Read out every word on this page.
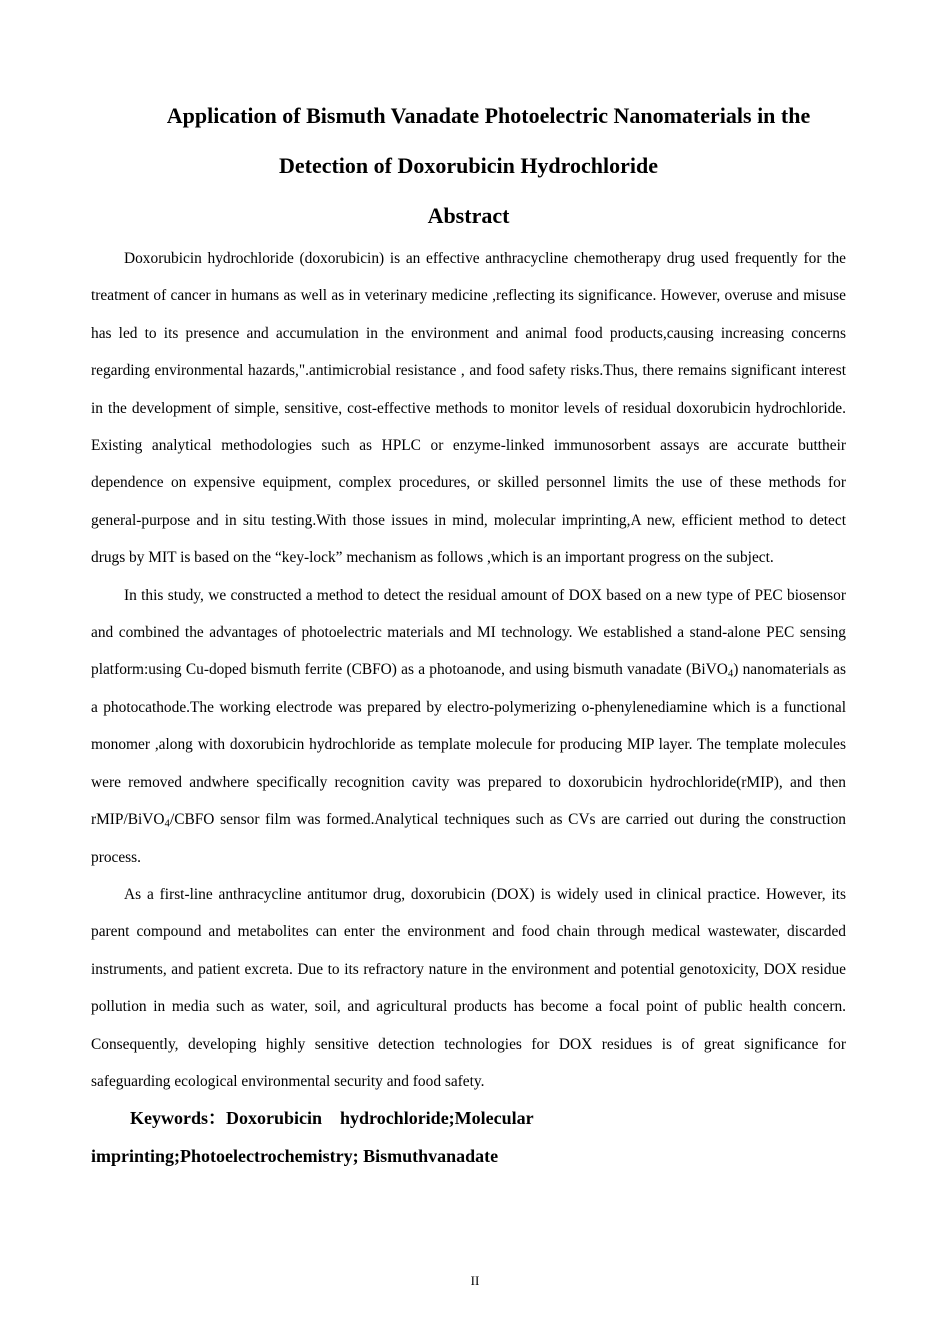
Application of Bismuth Vanadate Photoelectric Nanomaterials in the
Detection of Doxorubicin Hydrochloride
Abstract

Doxorubicin hydrochloride (doxorubicin) is an effective anthracycline chemotherapy drug used frequently for the treatment of cancer in humans as well as in veterinary medicine ,reflecting its significance. However, overuse and misuse has led to its presence and accumulation in the environment and animal food products,causing increasing concerns regarding environmental hazards,".antimicrobial resistance , and food safety risks.Thus, there remains significant interest in the development of simple, sensitive, cost-effective methods to monitor levels of residual doxorubicin hydrochloride. Existing analytical methodologies such as HPLC or enzyme-linked immunosorbent assays are accurate buttheir dependence on expensive equipment, complex procedures, or skilled personnel limits the use of these methods for general-purpose and in situ testing.With those issues in mind, molecular imprinting,A new, efficient method to detect drugs by MIT is based on the “key-lock” mechanism as follows ,which is an important progress on the subject.

In this study, we constructed a method to detect the residual amount of DOX based on a new type of PEC biosensor and combined the advantages of photoelectric materials and MI technology. We established a stand-alone PEC sensing platform:using Cu-doped bismuth ferrite (CBFO) as a photoanode, and using bismuth vanadate (BiVO$_4$) nanomaterials as a photocathode.The working electrode was prepared by electro-polymerizing o-phenylenediamine which is a functional monomer ,along with doxorubicin hydrochloride as template molecule for producing MIP layer. The template molecules were removed andwhere specifically recognition cavity was prepared to doxorubicin hydrochloride(rMIP), and then rMIP/BiVO$_4$/CBFO sensor film was formed.Analytical techniques such as CVs are carried out during the construction process.

As a first-line anthracycline antitumor drug, doxorubicin (DOX) is widely used in clinical practice. However, its parent compound and metabolites can enter the environment and food chain through medical wastewater, discarded instruments, and patient excreta. Due to its refractory nature in the environment and potential genotoxicity, DOX residue pollution in media such as water, soil, and agricultural products has become a focal point of public health concern. Consequently, developing highly sensitive detection technologies for DOX residues is of great significance for safeguarding ecological environmental security and food safety.

Keywords：Doxorubicin    hydrochloride;Molecular
imprinting;Photoelectrochemistry; Bismuthvanadate
II
